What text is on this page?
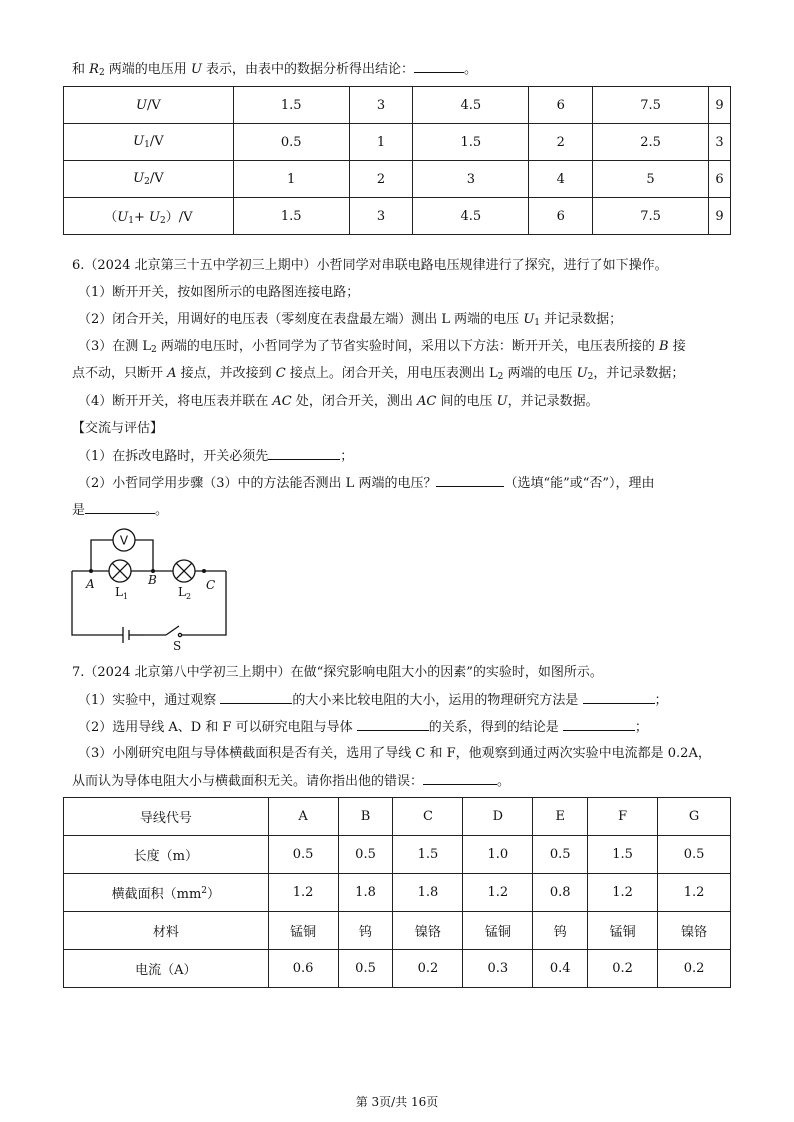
和 $R_2$ 两端的电压用 U 表示，由表中的数据分析得出结论：	。
U/V	1.5	3	4.5	6	7.5	9
$U_1/V$	0.5	1	1.5	2	2.5	3
$U_2/V$	1	2	3	4	5	6
$(U_1+ U_2)/V$	1.5	3	4.5	6	7.5	9
6.（2024 北京第三十五中学初三上期中）小哲同学对串联电路电压规律进行了探究，进行了如下操作。
（1）断开开关，按如图所示的电路图连接电路；
（2）闭合开关，用调好的电压表（零刻度在表盘最左端）测出 L 两端的电压 $U_1$ 并记录数据；
（3）在测 $L_2$ 两端的电压时，小哲同学为了节省实验时间，采用以下方法：断开开关，电压表所接的 B 接
点不动，只断开 A 接点，并改接到 C 接点上。闭合开关，用电压表测出 $L_2$ 两端的电压 $U_2$，并记录数据；
（4）断开开关，将电压表并联在 AC 处，闭合开关，测出 AC 间的电压 U，并记录数据。
【交流与评估】
（1）在拆改电路时，开关必须先	；
（2）小哲同学用步骤（3）中的方法能否测出 L 两端的电压？	（选填“能”或“否”），理由
是	。
V
A	B	C
L 1	L 2
S
7.（2024 北京第八中学初三上期中）在做“探究影响电阻大小的因素”的实验时，如图所示。
（1）实验中，通过观察	的大小来比较电阻的大小，运用的物理研究方法是	；
（2）选用导线 A、D 和 F 可以研究电阻与导体	的关系，得到的结论是	；
（3）小刚研究电阻与导体横截面积是否有关，选用了导线 C 和 F，他观察到通过两次实验中电流都是 0.2A，
从而认为导体电阻大小与横截面积无关。请你指出他的错误：	。
导线代号	A	B	C	D	E	F	G
长度（m）	0.5	0.5	1.5	1.0	0.5	1.5	0.5
横截面积$(mm^2)$	1.2	1.8	1.8	1.2	0.8	1.2	1.2
材料	锰铜	钨	镍铬	锰铜	钨	锰铜	镍铬
电流（A）	0.6	0.5	0.2	0.3	0.4	0.2	0.2
第 3页/共 16页
